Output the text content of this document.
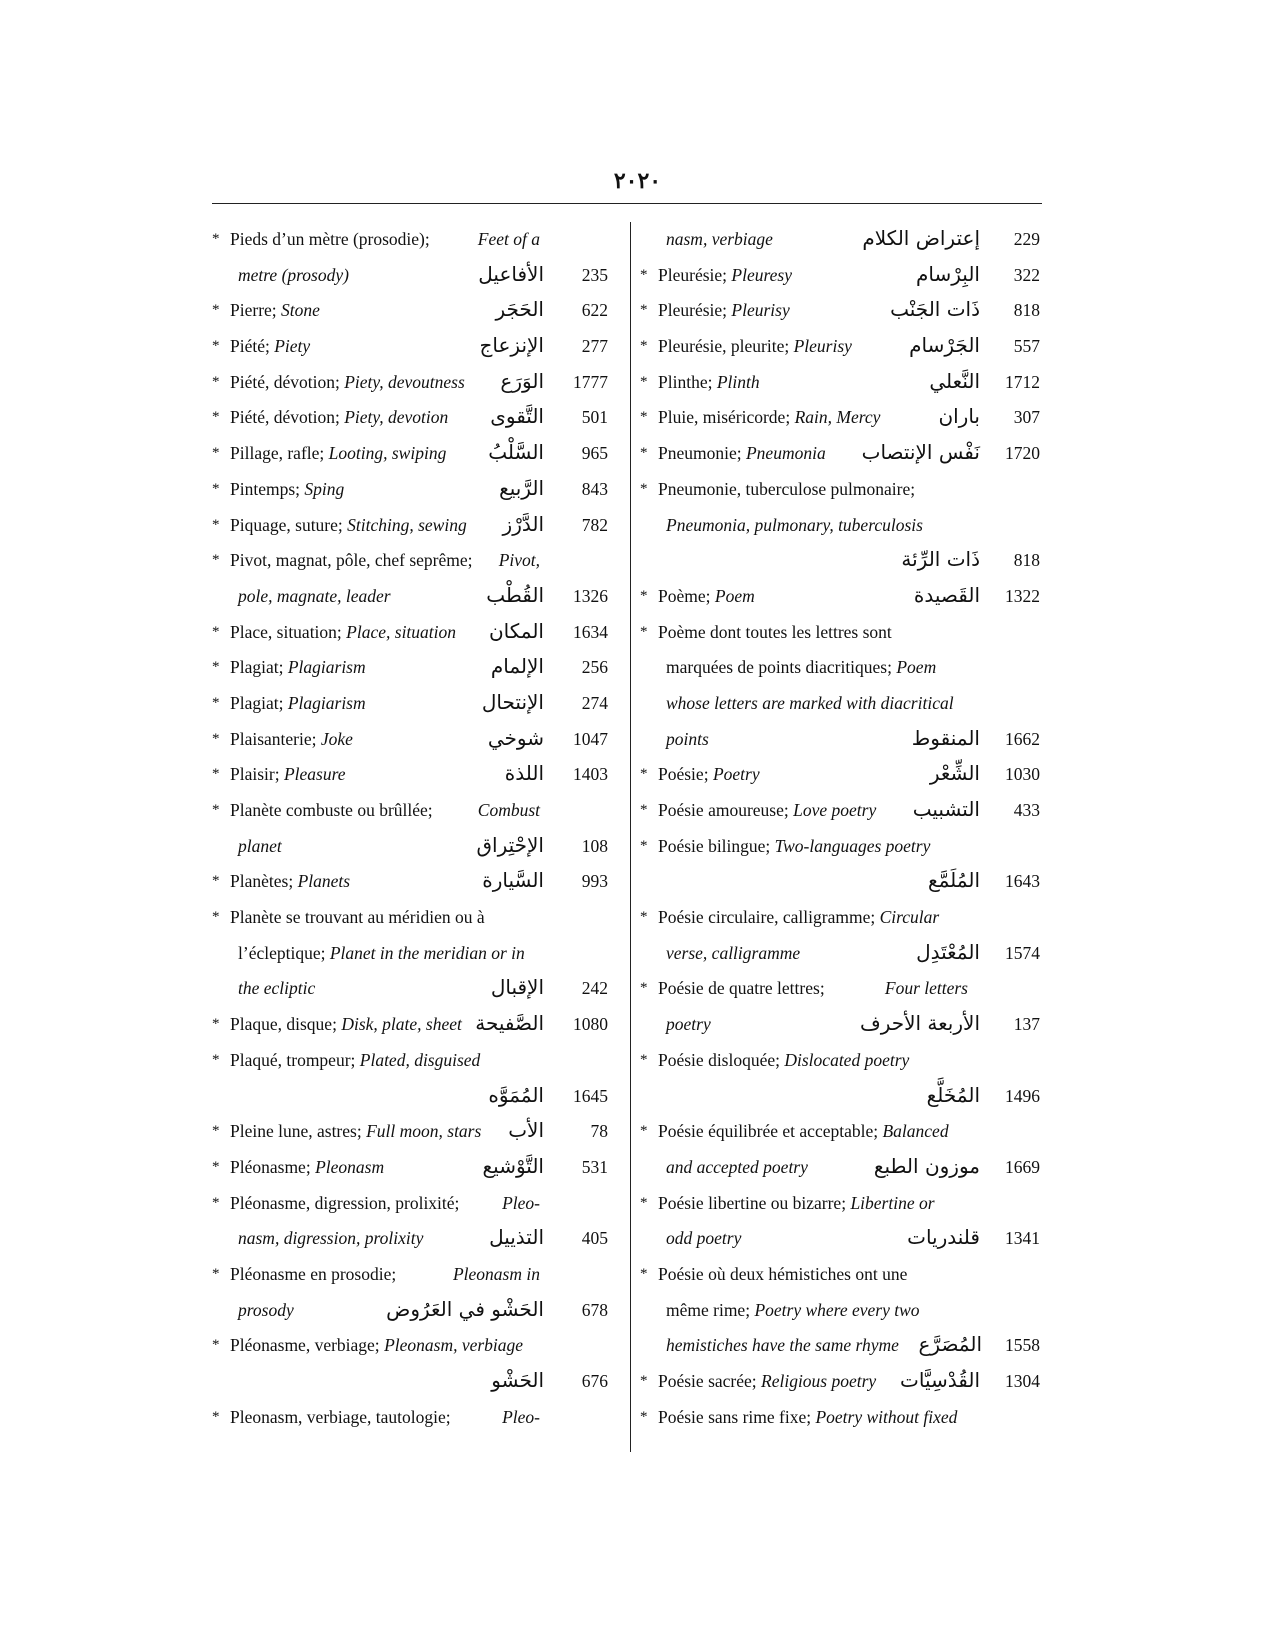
٢٠٢٠
* Pieds d’un mètre (prosodie);	Feet of a
metre (prosody)	الأفاعيل	235
* Pierre; Stone	الحَجَر	622
* Piété; Piety	الإنزعاج	277
* Piété, dévotion; Piety, devoutness الوَرَع	1777
* Piété, dévotion; Piety, devotion التَّقوى	501
* Pillage, rafle; Looting, swiping السَّلْبُ	965
* Pintemps; Sping	الرَّبيع	843
* Piquage, suture; Stitching, sewing الدَّرْز	782
* Pivot, magnat, pôle, chef seprême; Pivot,
pole, magnate, leader	القُطْب	1326
* Place, situation; Place, situation المكان	1634
* Plagiat; Plagiarism	الإلمام	256
* Plagiat; Plagiarism	الإنتحال	274
* Plaisanterie; Joke	شوخي	1047
* Plaisir; Pleasure	اللذة	1403
* Planète combuste ou brûllée;	Combust
planet	الإحْتِراق	108
* Planètes; Planets	السَّيارة	993
* Planète se trouvant au méridien ou à
l’écleptique; Planet in the meridian or in
the ecliptic	الإقبال	242
* Plaque, disque; Disk, plate, sheet الصَّفيحة	1080
* Plaqué, trompeur; Plated, disguised
المُمَوَّه	1645
* Pleine lune, astres; Full moon, stars الأب	78
* Pléonasme; Pleonasm	التَّوْشيع	531
* Pléonasme, digression, prolixité; Pleo-
nasm, digression, prolixity	التذييل	405
* Pléonasme en prosodie;	Pleonasm in
prosody	الحَشْو في العَرُوض	678
* Pléonasme, verbiage; Pleonasm, verbiage
الحَشْو	676
* Pleonasm, verbiage, tautologie;	Pleo-
nasm, verbiage	إعتراض الكلام	229
* Pleurésie; Pleuresy	البِرْسام	322
* Pleurésie; Pleurisy	ذَات الجَنْب	818
* Pleurésie, pleurite; Pleurisy	الجَرْسام	557
* Plinthe; Plinth	النَّعلي	1712
* Pluie, miséricorde; Rain, Mercy	باران	307
* Pneumonie; Pneumonia نَفْس الإنتصاب	1720
* Pneumonie, tuberculose pulmonaire;
Pneumonia, pulmonary, tuberculosis
ذَات الرِّئة	818
* Poème; Poem	القَصيدة	1322
* Poème dont toutes les lettres sont
marquées de points diacritiques; Poem
whose letters are marked with diacritical
points	المنقوط	1662
* Poésie; Poetry	الشِّعْر	1030
* Poésie amoureuse; Love poetry التشبيب	433
* Poésie bilingue; Two-languages poetry
المُلَمَّع	1643
* Poésie circulaire, calligramme; Circular
verse, calligramme	المُعْتَدِل	1574
* Poésie de quatre lettres;	Four letters
poetry	الأربعة الأحرف	137
* Poésie disloquée; Dislocated poetry
المُخَلَّع	1496
* Poésie équilibrée et acceptable; Balanced
and accepted poetry	موزون الطبع	1669
* Poésie libertine ou bizarre; Libertine or
odd poetry	قلندريات	1341
* Poésie où deux hémistiches ont une
même rime; Poetry where every two
hemistiches have the same rhyme المُصَرَّع	1558
* Poésie sacrée; Religious poetry القُدْسِيَّات	1304
* Poésie sans rime fixe; Poetry without fixed
